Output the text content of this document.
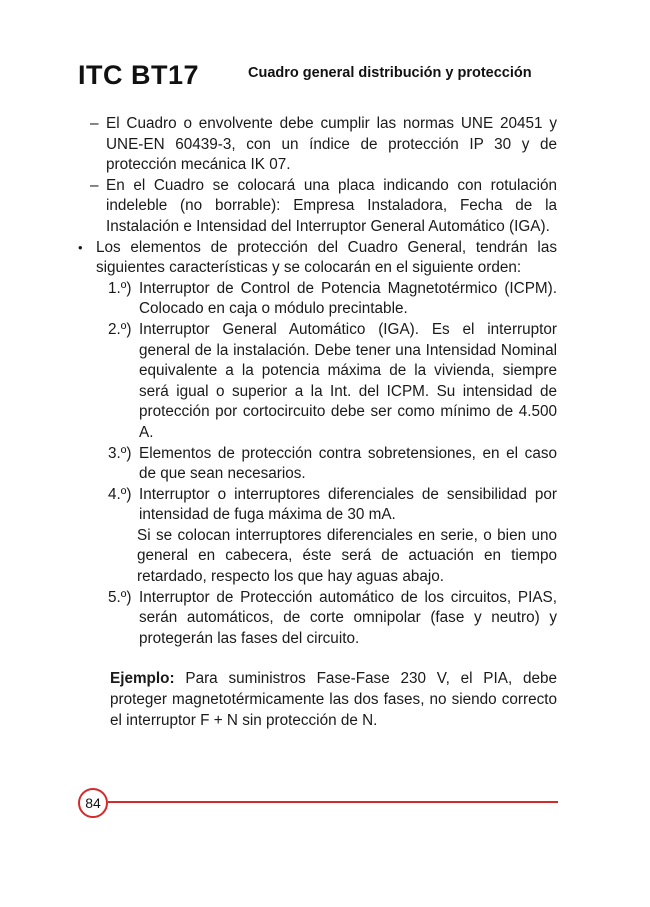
ITC BT17	Cuadro general distribución y protección
– El Cuadro o envolvente debe cumplir las normas UNE 20451 y UNE-EN 60439-3, con un índice de protección IP 30 y de protección mecánica IK 07.
– En el Cuadro se colocará una placa indicando con rotulación indeleble (no borrable): Empresa Instaladora, Fecha de la Instalación e Intensidad del Interruptor General Automático (IGA).
• Los elementos de protección del Cuadro General, tendrán las siguientes características y se colocarán en el siguiente orden:
1.º) Interruptor de Control de Potencia Magnetotérmico (ICPM). Colocado en caja o módulo precintable.
2.º) Interruptor General Automático (IGA). Es el interruptor general de la instalación. Debe tener una Intensidad Nominal equivalente a la potencia máxima de la vivienda, siempre será igual o superior a la Int. del ICPM. Su intensidad de protección por cortocircuito debe ser como mínimo de 4.500 A.
3.º) Elementos de protección contra sobretensiones, en el caso de que sean necesarios.
4.º) Interruptor o interruptores diferenciales de sensibilidad por intensidad de fuga máxima de 30 mA.
Si se colocan interruptores diferenciales en serie, o bien uno general en cabecera, éste será de actuación en tiempo retardado, respecto los que hay aguas abajo.
5.º) Interruptor de Protección automático de los circuitos, PIAS, serán automáticos, de corte omnipolar (fase y neutro) y protegerán las fases del circuito.
Ejemplo: Para suministros Fase-Fase 230 V, el PIA, debe proteger magnetotérmicamente las dos fases, no siendo correcto el interruptor F + N sin protección de N.
84
